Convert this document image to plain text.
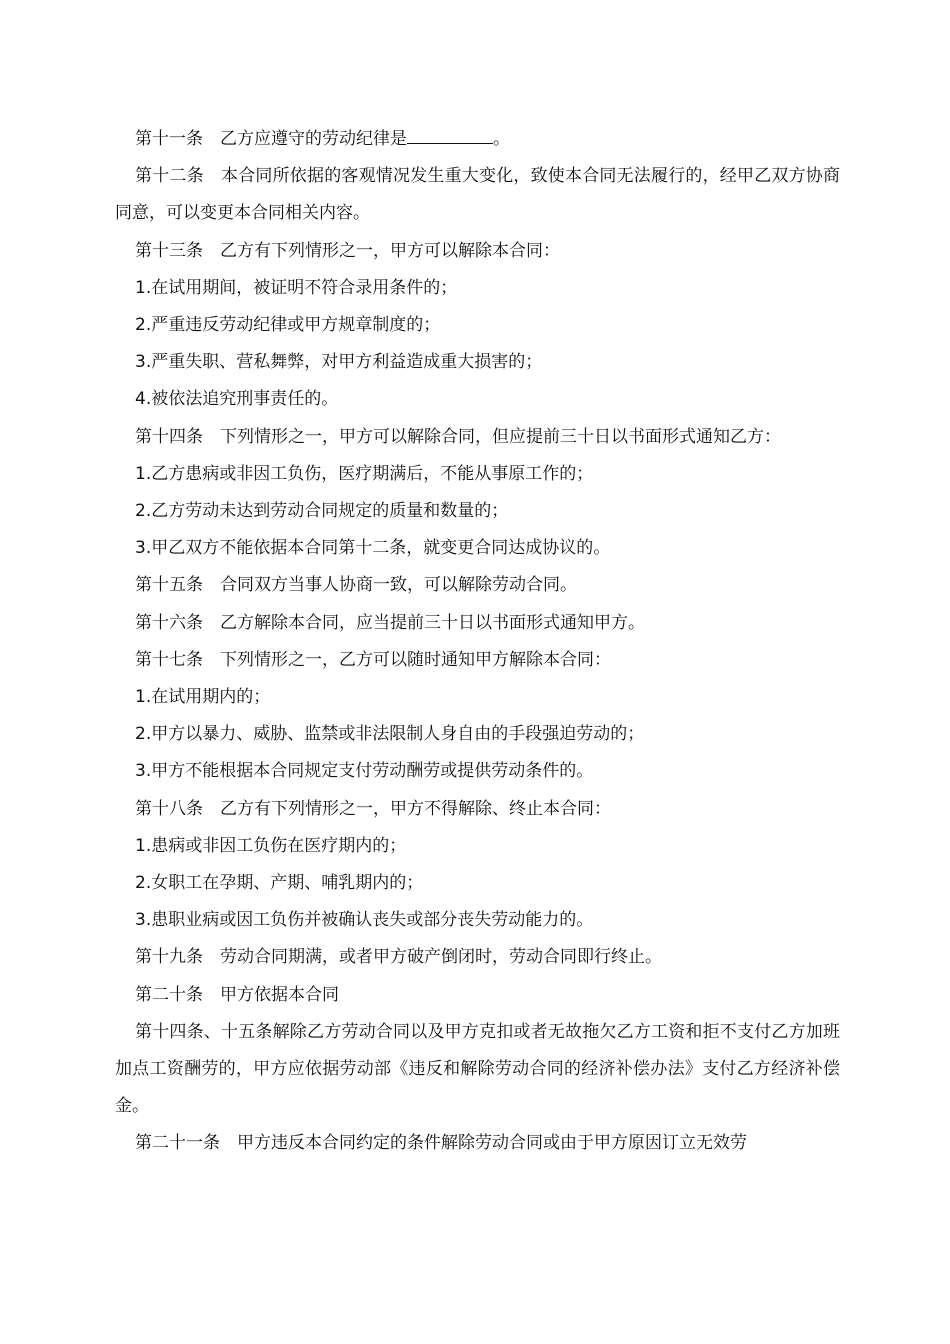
第十一条　乙方应遵守的劳动纪律是	。

第十二条　本合同所依据的客观情况发生重大变化，致使本合同无法履行的，经甲乙双方协商同意，可以变更本合同相关内容。

第十三条　乙方有下列情形之一，甲方可以解除本合同：

1.在试用期间，被证明不符合录用条件的；

2.严重违反劳动纪律或甲方规章制度的；

3.严重失职、营私舞弊，对甲方利益造成重大损害的；

4.被依法追究刑事责任的。

第十四条　下列情形之一，甲方可以解除合同，但应提前三十日以书面形式通知乙方：

1.乙方患病或非因工负伤，医疗期满后，不能从事原工作的；

2.乙方劳动未达到劳动合同规定的质量和数量的；

3.甲乙双方不能依据本合同第十二条，就变更合同达成协议的。

第十五条　合同双方当事人协商一致，可以解除劳动合同。

第十六条　乙方解除本合同，应当提前三十日以书面形式通知甲方。

第十七条　下列情形之一，乙方可以随时通知甲方解除本合同：

1.在试用期内的；

2.甲方以暴力、威胁、监禁或非法限制人身自由的手段强迫劳动的；

3.甲方不能根据本合同规定支付劳动酬劳或提供劳动条件的。

第十八条　乙方有下列情形之一，甲方不得解除、终止本合同：

1.患病或非因工负伤在医疗期内的；

2.女职工在孕期、产期、哺乳期内的；

3.患职业病或因工负伤并被确认丧失或部分丧失劳动能力的。

第十九条　劳动合同期满，或者甲方破产倒闭时，劳动合同即行终止。

第二十条　甲方依据本合同

第十四条、十五条解除乙方劳动合同以及甲方克扣或者无故拖欠乙方工资和拒不支付乙方加班加点工资酬劳的，甲方应依据劳动部《违反和解除劳动合同的经济补偿办法》支付乙方经济补偿金。

第二十一条　甲方违反本合同约定的条件解除劳动合同或由于甲方原因订立无效劳
